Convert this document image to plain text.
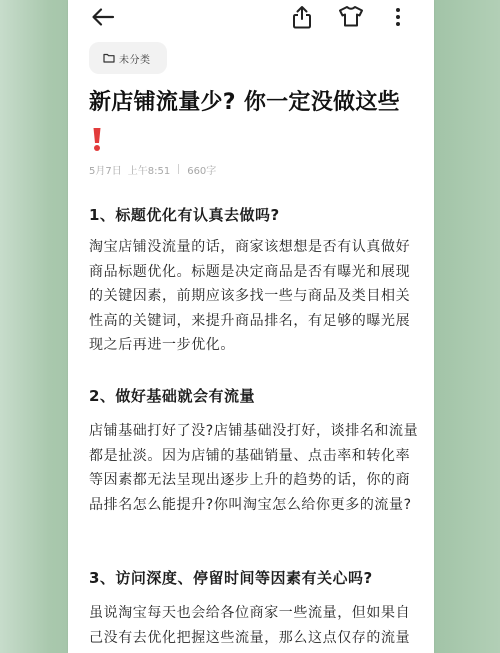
未分类
新店铺流量少? 你一定没做这些
5月7日 上午8:51 660字
1、标题优化有认真去做吗?
淘宝店铺没流量的话，商家该想想是否有认真做好商品标题优化。标题是决定商品是否有曝光和展现的关键因素，前期应该多找一些与商品及类目相关性高的关键词，来提升商品排名，有足够的曝光展现之后再进一步优化。
2、做好基础就会有流量
店铺基础打好了没?店铺基础没打好，谈排名和流量都是扯淡。因为店铺的基础销量、点击率和转化率等因素都无法呈现出逐步上升的趋势的话，你的商品排名怎么能提升?你叫淘宝怎么给你更多的流量?
3、访问深度、停留时间等因素有关心吗?
虽说淘宝每天也会给各位商家一些流量，但如果自己没有去优化把握这些流量，那么这点仅存的流量
